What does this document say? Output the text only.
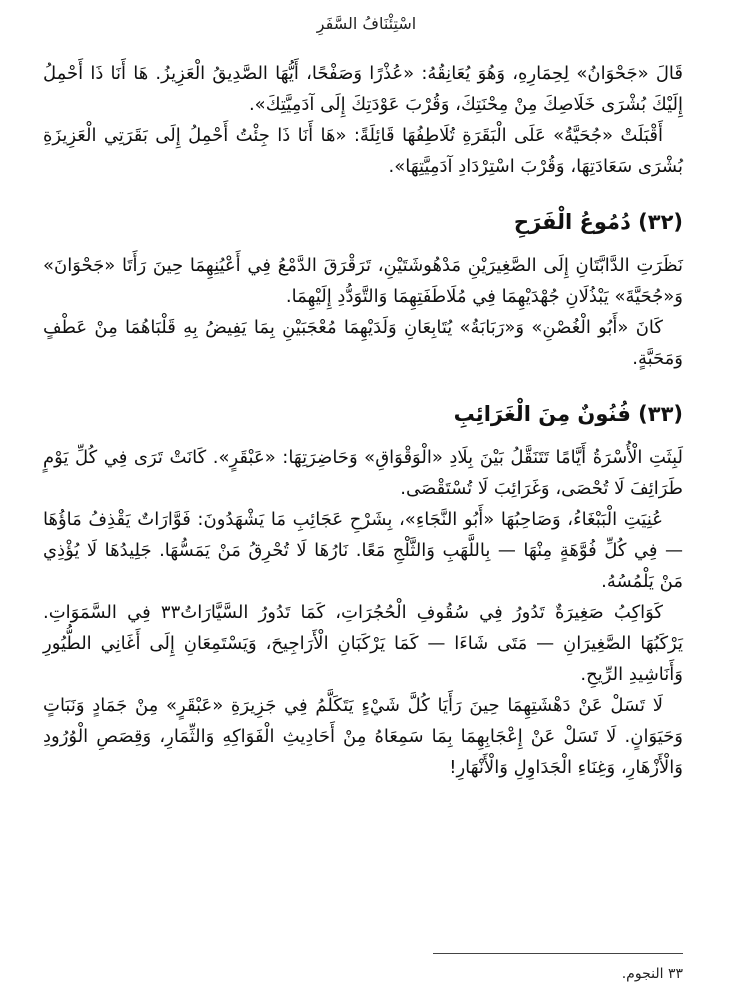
اسْتِئْنَافُ السَّفَرِ

قَالَ «جَحْوَانُ» لِحِمَارِهِ، وَهُوَ يُعَانِقُهُ: «عُذْرًا وَصَفْحًا، أَيُّهَا الصَّدِيقُ الْعَزِيزُ. هَا أَنَا ذَا أَحْمِلُ إِلَيْكَ بُشْرَى خَلَاصِكَ مِنْ مِحْنَتِكَ، وَقُرْبَ عَوْدَتِكَ إِلَى آدَمِيَّتِكَ».

أَقْبَلَتْ «جُحَيَّةُ» عَلَى الْبَقَرَةِ تُلَاطِفُهَا قَائِلَةً: «هَا أَنَا ذَا جِئْتُ أَحْمِلُ إِلَى بَقَرَتِي الْعَزِيزَةِ بُشْرَى سَعَادَتِهَا، وَقُرْبَ اسْتِرْدَادِ آدَمِيَّتِهَا».

(٣٢) دُمُوعُ الْفَرَحِ

نَظَرَتِ الدَّابَّتَانِ إِلَى الصَّغِيرَيْنِ مَدْهُوشَتَيْنِ، تَرَقْرَقَ الدَّمْعُ فِي أَعْيُنِهِمَا حِينَ رَأَتَا «جَحْوَانَ» وَ«جُحَيَّةَ» يَبْذُلَانِ جُهْدَيْهِمَا فِي مُلَاطَفَتِهِمَا وَالتَّوَدُّدِ إِلَيْهِمَا.

كَانَ «أَبُو الْغُصْنِ» وَ«رَبَابَةُ» يُتَابِعَانِ وَلَدَيْهِمَا مُعْجَبَيْنِ بِمَا يَفِيضُ بِهِ قَلْبَاهُمَا مِنْ عَطْفٍ وَمَحَبَّةٍ.

(٣٣) فُنُونٌ مِنَ الْغَرَائِبِ

لَبِثَتِ الْأُسْرَةُ أَيَّامًا تَتَنَقَّلُ بَيْنَ بِلَادِ «الْوَقْوَاقِ» وَحَاضِرَتِهَا: «عَبْقَرٍ». كَانَتْ تَرَى فِي كُلِّ يَوْمٍ طَرَائِفَ لَا تُحْصَى، وَغَرَائِبَ لَا تُسْتَقْصَى.

عُنِيَتِ الْبَبْغَاءُ، وَصَاحِبُهَا «أَبُو النَّجَاءِ»، بِشَرْحِ عَجَائِبِ مَا يَشْهَدُونَ: فَوَّارَاتٌ يَقْذِفُ مَاؤُهَا — فِي كُلِّ فُوَّهَةٍ مِنْهَا — بِاللَّهَبِ وَالثَّلْجِ مَعًا. نَارُهَا لَا تُحْرِقُ مَنْ يَمَسُّهَا. جَلِيدُهَا لَا يُؤْذِي مَنْ يَلْمُسُهُ.

كَوَاكِبُ صَغِيرَةٌ تَدُورُ فِي سُقُوفِ الْحُجُرَاتِ، كَمَا تَدُورُ السَّيَّارَاتُ٣٣ فِي السَّمَوَاتِ. يَرْكَبُهَا الصَّغِيرَانِ — مَتَى شَاءَا — كَمَا يَرْكَبَانِ الْأَرَاجِيحَ، وَيَسْتَمِعَانِ إِلَى أَغَانِي الطُّيُورِ وَأَنَاشِيدِ الرِّيحِ.

لَا تَسَلْ عَنْ دَهْشَتِهِمَا حِينَ رَأَيَا كُلَّ شَيْءٍ يَتَكَلَّمُ فِي جَزِيرَةِ «عَبْقَرٍ» مِنْ جَمَادٍ وَنَبَاتٍ وَحَيَوَانٍ. لَا تَسَلْ عَنْ إِعْجَابِهِمَا بِمَا سَمِعَاهُ مِنْ أَحَادِيثِ الْفَوَاكِهِ وَالثِّمَارِ، وَقِصَصِ الْوُرُودِ وَالْأَزْهَارِ، وَغِنَاءِ الْجَدَاوِلِ وَالْأَنْهَارِ!

٣٣ النجوم.
